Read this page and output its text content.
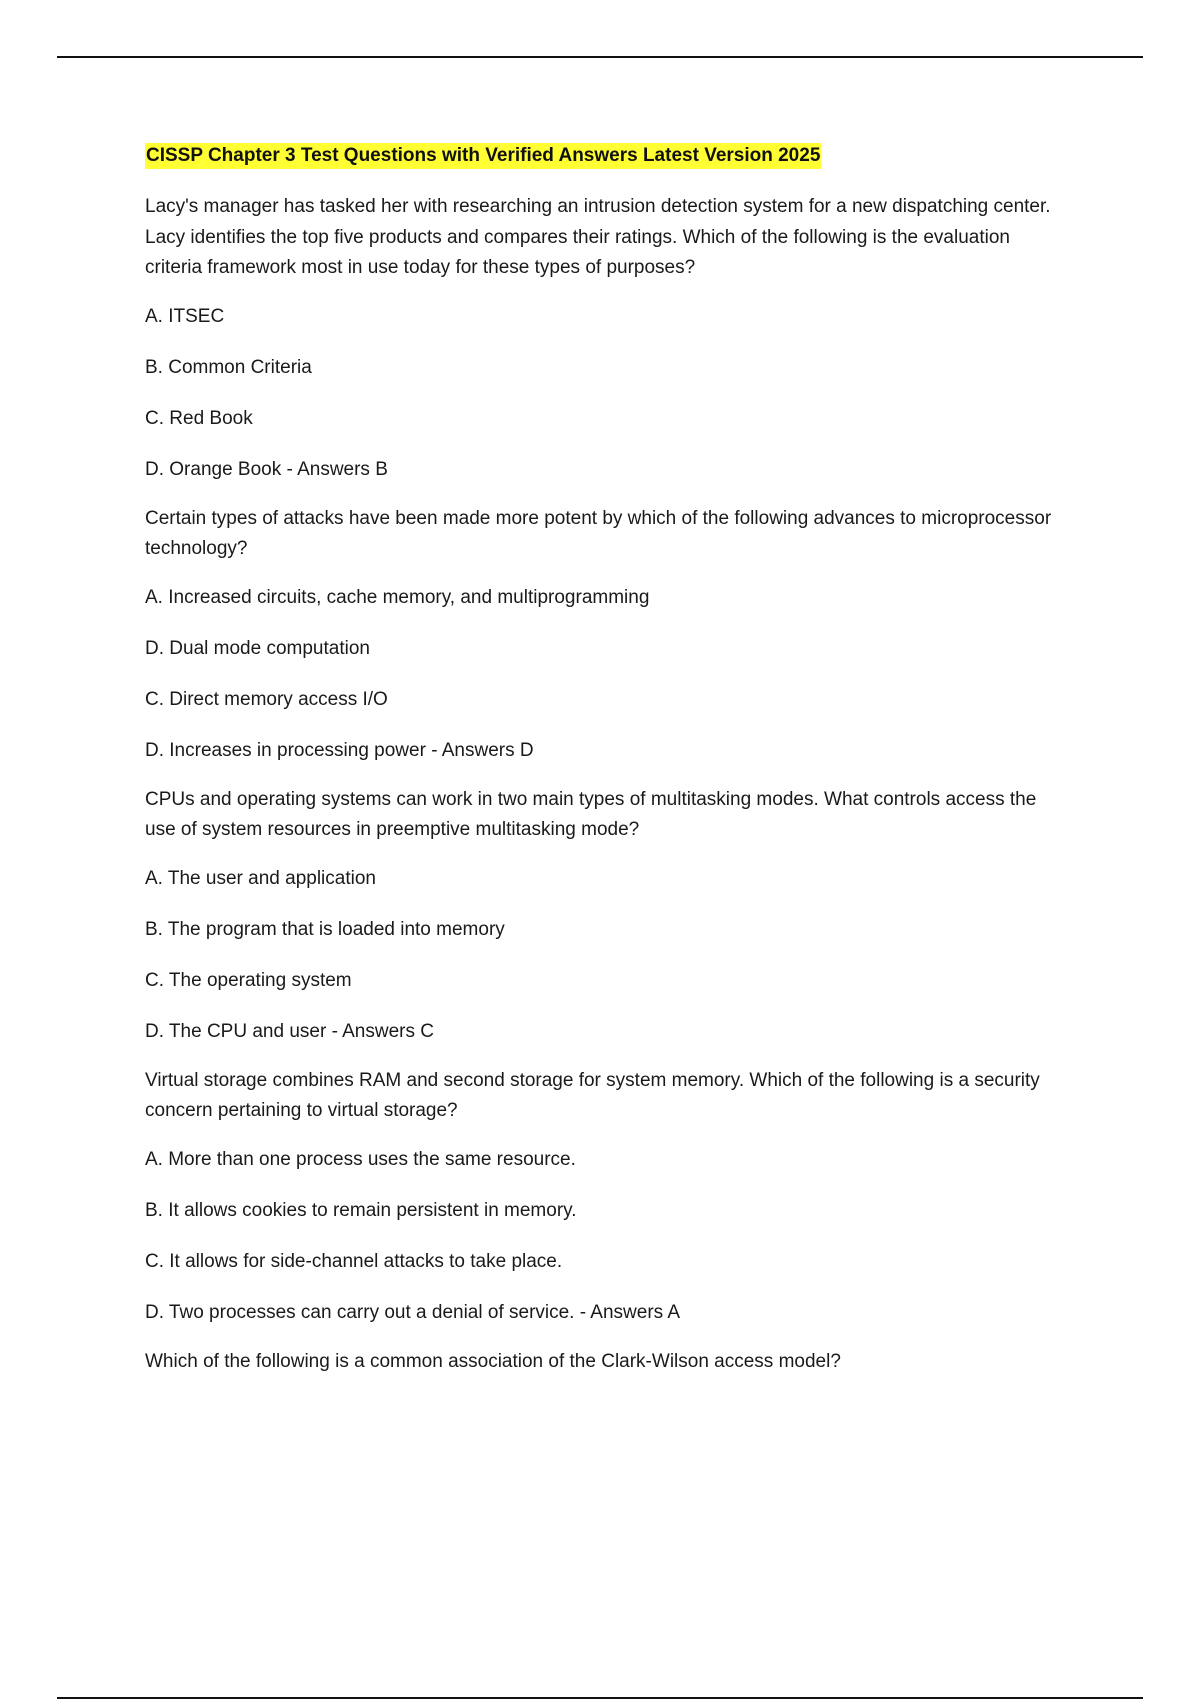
CISSP Chapter 3 Test Questions with Verified Answers Latest Version 2025

Lacy's manager has tasked her with researching an intrusion detection system for a new dispatching center. Lacy identifies the top five products and compares their ratings. Which of the following is the evaluation criteria framework most in use today for these types of purposes?

A. ITSEC

B. Common Criteria

C. Red Book

D. Orange Book - Answers B

Certain types of attacks have been made more potent by which of the following advances to microprocessor technology?

A. Increased circuits, cache memory, and multiprogramming

D. Dual mode computation

C. Direct memory access I/O

D. Increases in processing power - Answers D

CPUs and operating systems can work in two main types of multitasking modes. What controls access the use of system resources in preemptive multitasking mode?

A. The user and application

B. The program that is loaded into memory

C. The operating system

D. The CPU and user - Answers C

Virtual storage combines RAM and second storage for system memory. Which of the following is a security concern pertaining to virtual storage?

A. More than one process uses the same resource.

B. It allows cookies to remain persistent in memory.

C. It allows for side-channel attacks to take place.

D. Two processes can carry out a denial of service. - Answers A

Which of the following is a common association of the Clark-Wilson access model?
